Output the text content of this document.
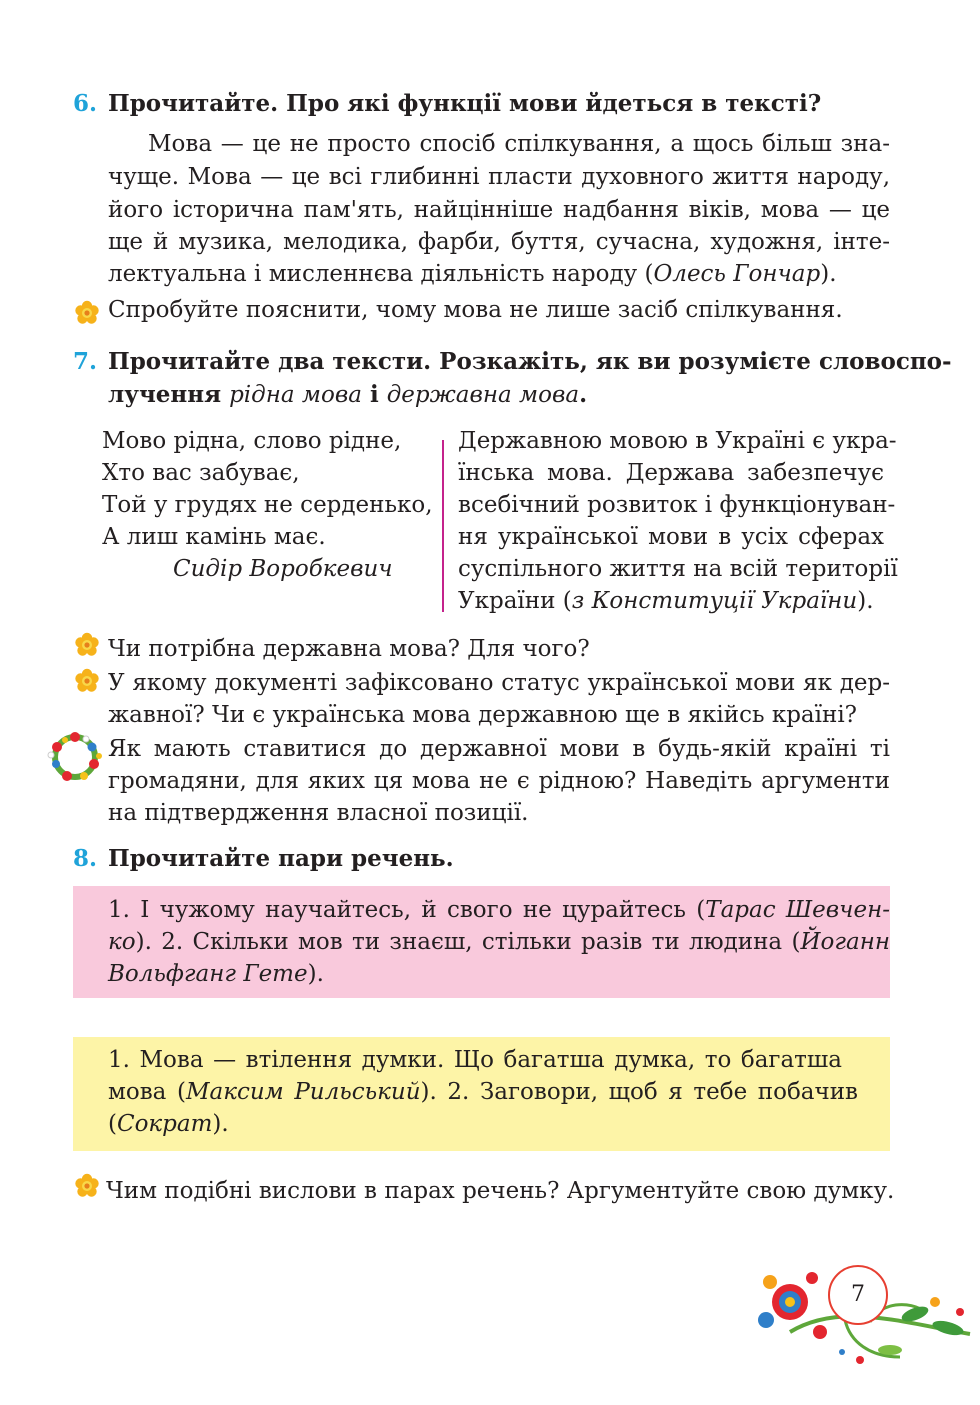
6. Прочитайте. Про які функції мови йдеться в тексті?
Мова — це не просто спосіб спілкування, а щось більш зна-
чуще. Мова — це всі глибинні пласти духовного життя народу,
його історична пам'ять, найцінніше надбання віків, мова — це
ще й музика, мелодика, фарби, буття, сучасна, художня, інте-
лектуальна і мисленнєва діяльність народу (Олесь Гончар).
Спробуйте пояснити, чому мова не лише засіб спілкування.
7. Прочитайте два тексти. Розкажіть, як ви розумієте словоспо-
лучення рідна мова і державна мова.
Мово рідна, слово рідне,
Хто вас забуває,
Той у грудях не серденько,
А лиш камінь має.
Сидір Воробкевич
Державною мовою в Україні є укра-
їнська мова. Держава забезпечує
всебічний розвиток і функціонуван-
ня української мови в усіх сферах
суспільного життя на всій території
України (з Конституції України).
Чи потрібна державна мова? Для чого?
У якому документі зафіксовано статус української мови як дер-
жавної? Чи є українська мова державною ще в якійсь країні?
Як мають ставитися до державної мови в будь-якій країні ті
громадяни, для яких ця мова не є рідною? Наведіть аргументи
на підтвердження власної позиції.
8. Прочитайте пари речень.
1. І чужому научайтесь, й свого не цурайтесь (Тарас Шевчен-
ко). 2. Скільки мов ти знаєш, стільки разів ти людина (Йоганн
Вольфганг Гете).
1. Мова — втілення думки. Що багатша думка, то багатша
мова (Максим Рильський). 2. Заговори, щоб я тебе побачив
(Сократ).
Чим подібні вислови в парах речень? Аргументуйте свою думку.
7
